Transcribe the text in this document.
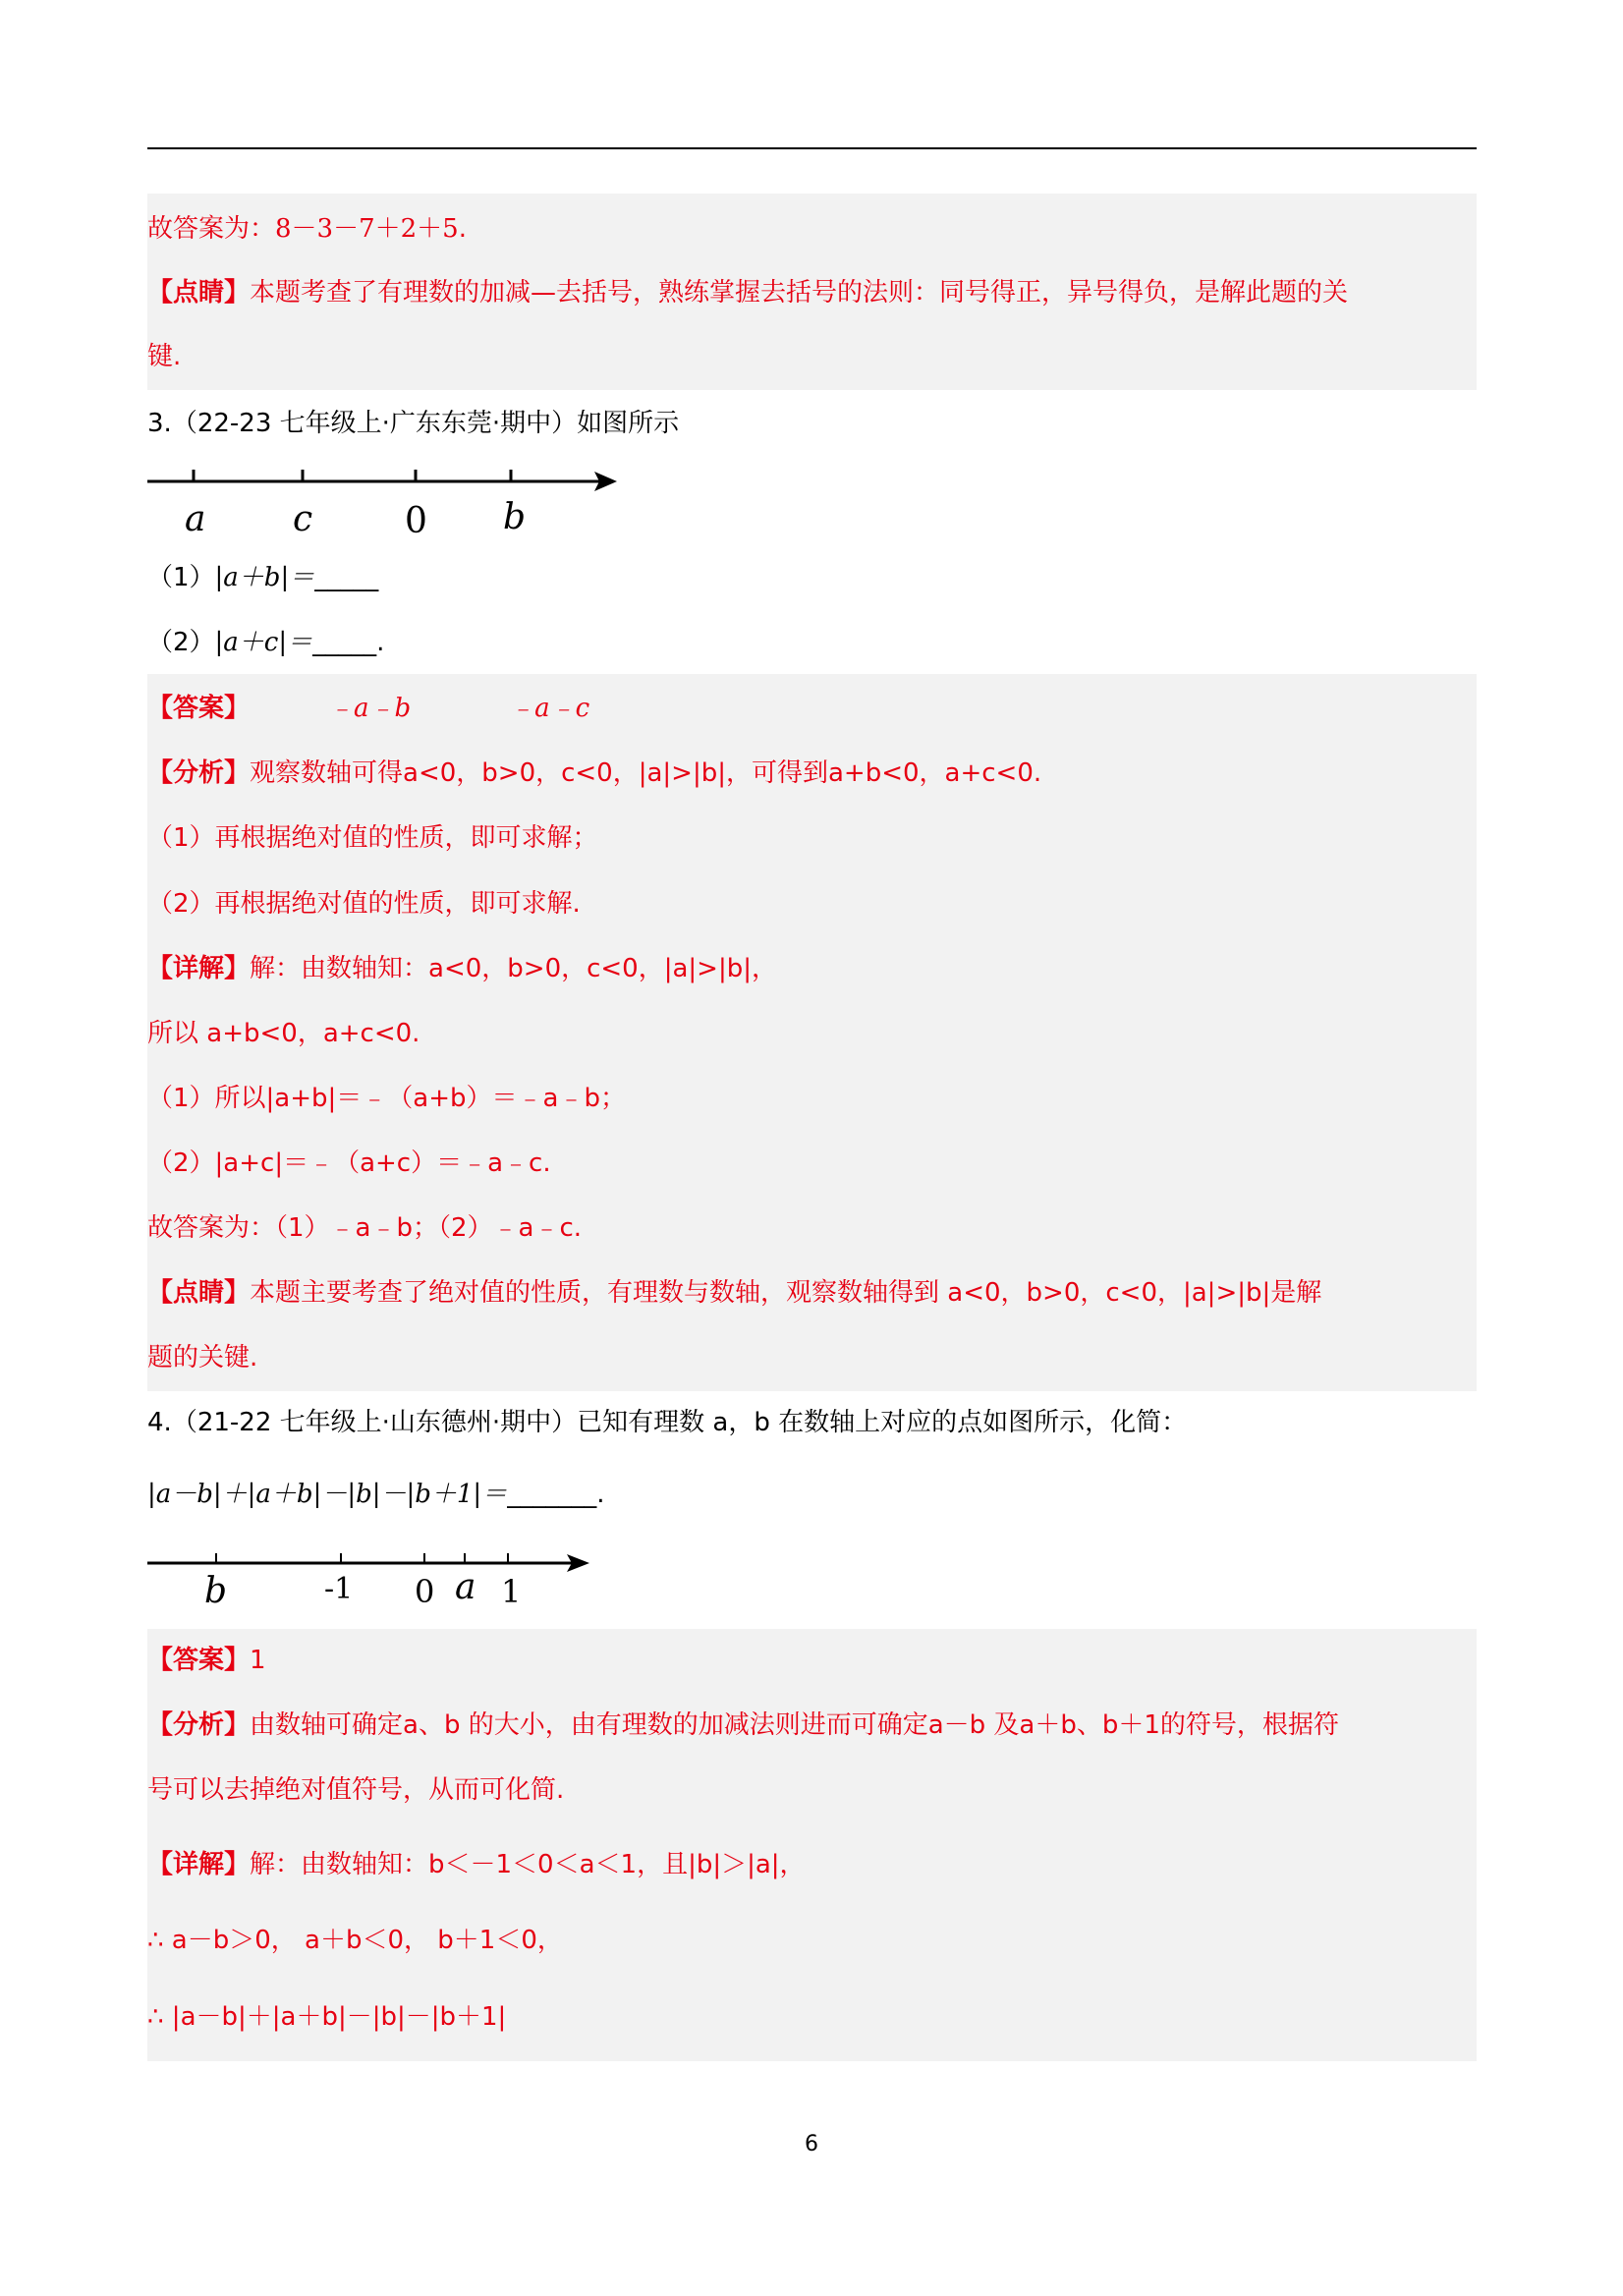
故答案为：8－3－7＋2＋5.
【点睛】本题考查了有理数的加减—去括号，熟练掌握去括号的法则：同号得正，异号得负，是解此题的关
键.
3.（22-23 七年级上·广东东莞·期中）如图所示
a c	0 b
（1）|a＋b|＝_____
（2）|a＋c|＝_____.
【答案】	﹣a﹣b	﹣a﹣c
【分析】观察数轴可得a<0，b>0，c<0，|a|>|b|，可得到a+b<0，a+c<0.
（1）再根据绝对值的性质，即可求解；
（2）再根据绝对值的性质，即可求解.
【详解】解：由数轴知：a<0，b>0，c<0，|a|>|b|，
所以 a+b<0，a+c<0.
（1）所以|a+b|＝﹣（a+b）＝﹣a﹣b；
（2）|a+c|＝﹣（a+c）＝﹣a﹣c.
故答案为：（1）﹣a﹣b；（2）﹣a﹣c.
【点睛】本题主要考查了绝对值的性质，有理数与数轴，观察数轴得到 a<0，b>0，c<0，|a|>|b|是解
题的关键.
4.（21-22 七年级上·山东德州·期中）已知有理数 a，b 在数轴上对应的点如图所示，化简：
|a－b|＋|a＋b|－|b|－|b＋1|＝_______.
b	-1 0 a 1
【答案】1
【分析】由数轴可确定a、b 的大小，由有理数的加减法则进而可确定a－b 及a＋b、b＋1的符号，根据符
号可以去掉绝对值符号，从而可化简.
【详解】解：由数轴知：b＜－1＜0＜a＜1，且|b|＞|a|，
∴ a－b＞0， a＋b＜0， b＋1＜0，
∴ |a－b|＋|a＋b|－|b|－|b＋1|
6
